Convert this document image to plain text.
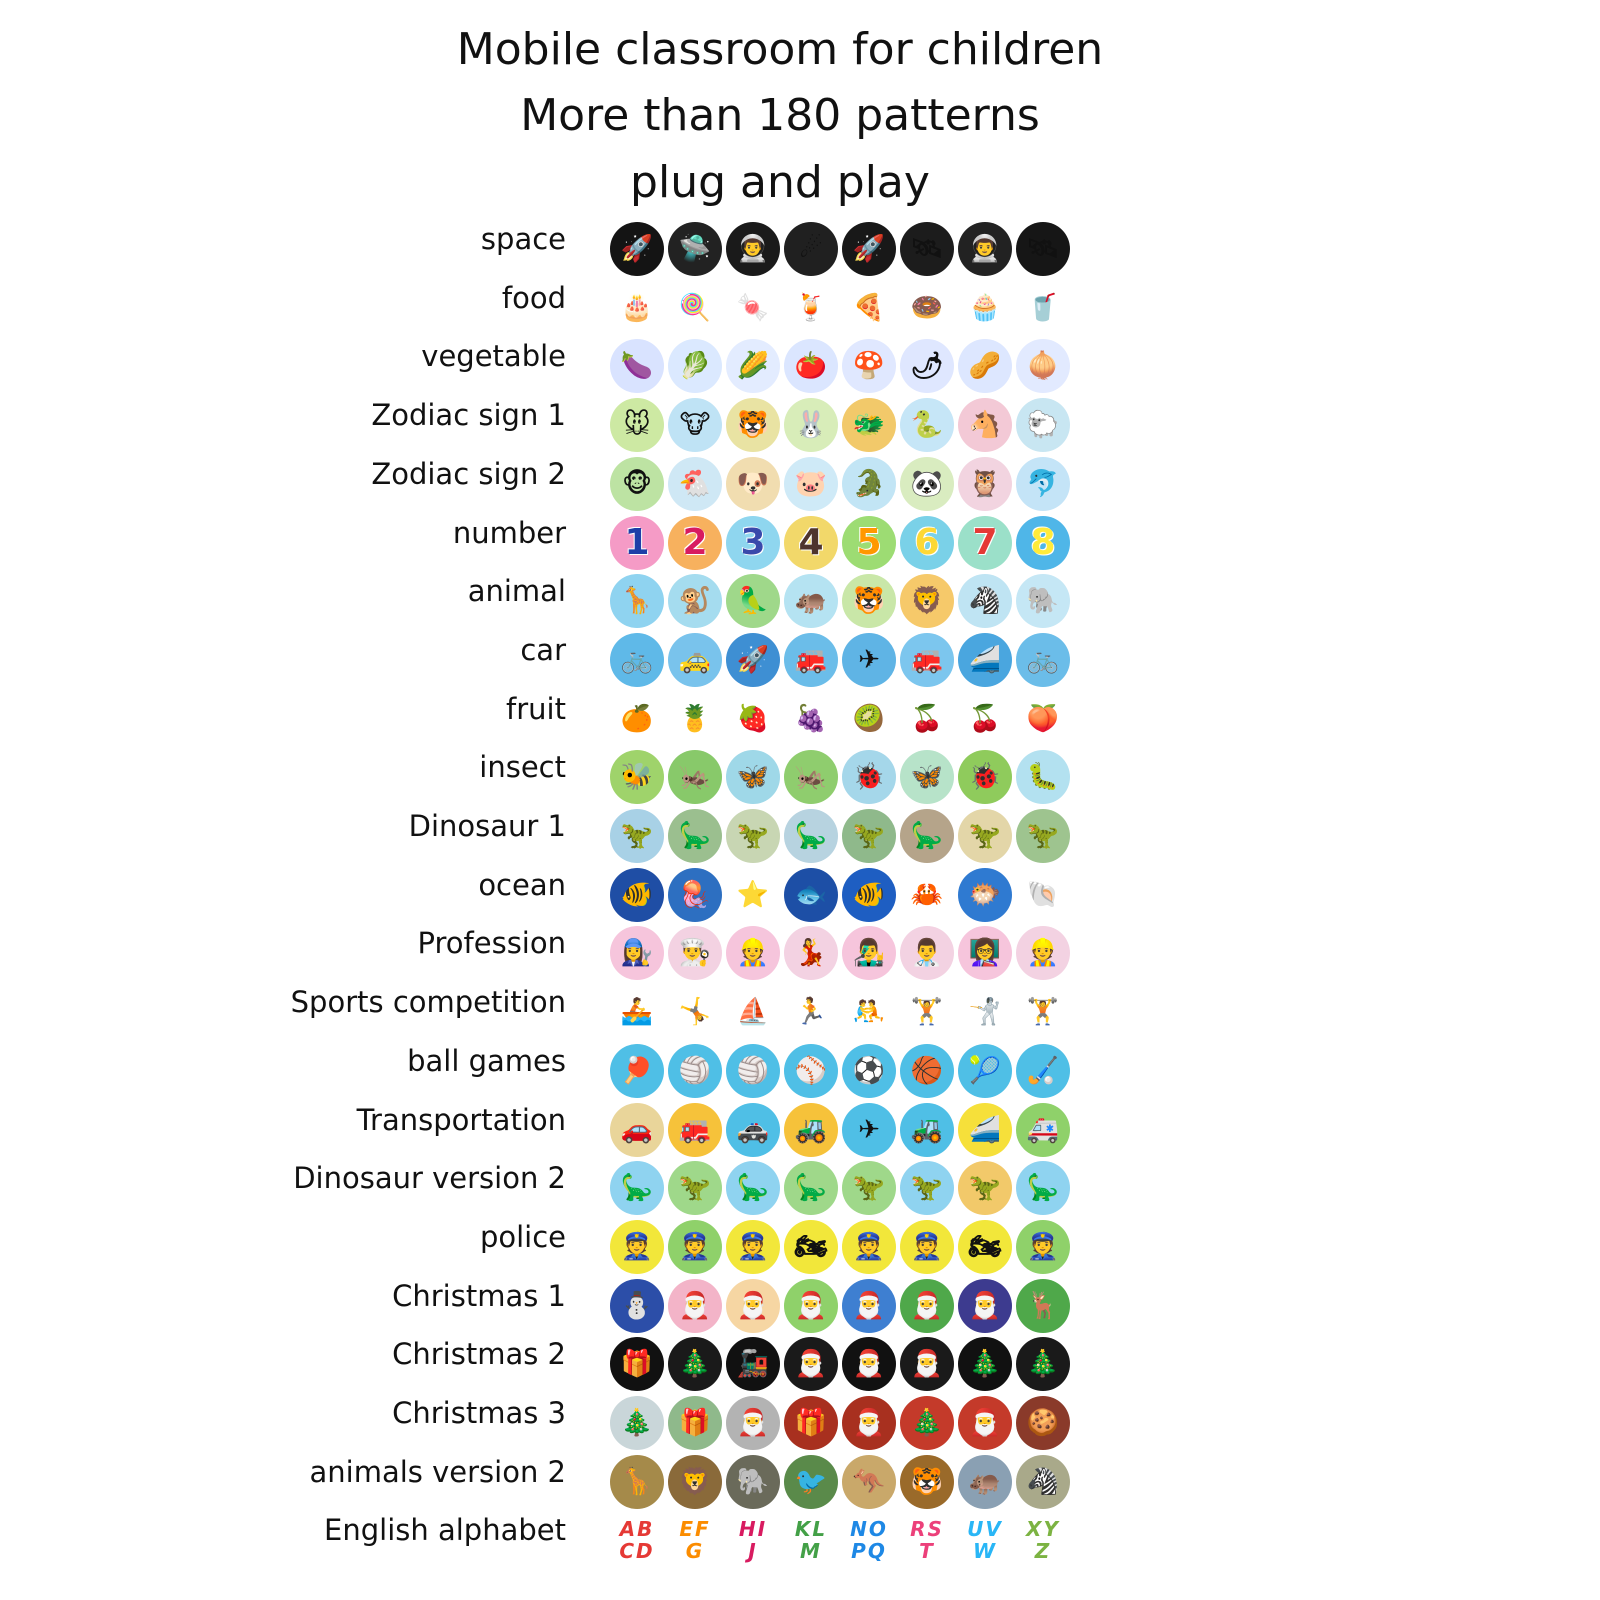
Mobile classroom for children
More than 180 patterns
plug and play
space 🚀 🛸 👨‍🚀 ☄ 🚀 🛰 👨‍🚀 🛰
food 🎂 🍭 🍬 🍹 🍕 🍩 🧁 🥤
vegetable 🍆 🥬 🌽 🍅 🍄 🌶 🥜 🧅
Zodiac sign 1 🐭 🐮 🐯 🐰 🐲 🐍 🐴 🐑
Zodiac sign 2 🐵 🐔 🐶 🐷 🐊 🐼 🦉 🐬
number 1 2 3 4 5 6 7 8
animal 🦒 🐒 🦜 🦛 🐯 🦁 🦓 🐘
car 🚲 🚕 🚀 🚒 ✈ 🚒 🚄 🚲
fruit 🍊 🍍 🍓 🍇 🥝 🍒 🍒 🍑
insect 🐝 🦗 🦋 🦗 🐞 🦋 🐞 🐛
Dinosaur 1 🦖 🦕 🦖 🦕 🦖 🦕 🦖 🦖
ocean 🐠 🪼 ⭐ 🐟 🐠 🦀 🐡 🐚
Profession 👩‍🔧 👨‍🍳 👷 💃 👨‍🎤 👨‍⚕ 👩‍🏫 👷
Sports competition 🚣 🤸 ⛵ 🏃 🤼 🏋 🤺 🏋
ball games 🏓 🏐 🏐 ⚾ ⚽ 🏀 🎾 🏑
Transportation 🚗 🚒 🚓 🚜 ✈ 🚜 🚄 🚑
Dinosaur version 2 🦕 🦖 🦕 🦕 🦖 🦖 🦖 🦕
police 👮 👮 👮 🏍 👮 👮 🏍 👮
Christmas 1 ⛄ 🎅 🎅 🎅 🎅 🎅 🎅 🦌
Christmas 2 🎁 🎄 🚂 🎅 🎅 🎅 🎄 🎄
Christmas 3 🎄 🎁 🎅 🎁 🎅 🎄 🎅 🍪
animals version 2 🦒 🦁 🐘 🐦 🦘 🐯 🦛 🦓
English alphabet	AB
CD
EF
G
HI
J
KL
M
NO
PQ
RS
T
UV
W
XY
Z
